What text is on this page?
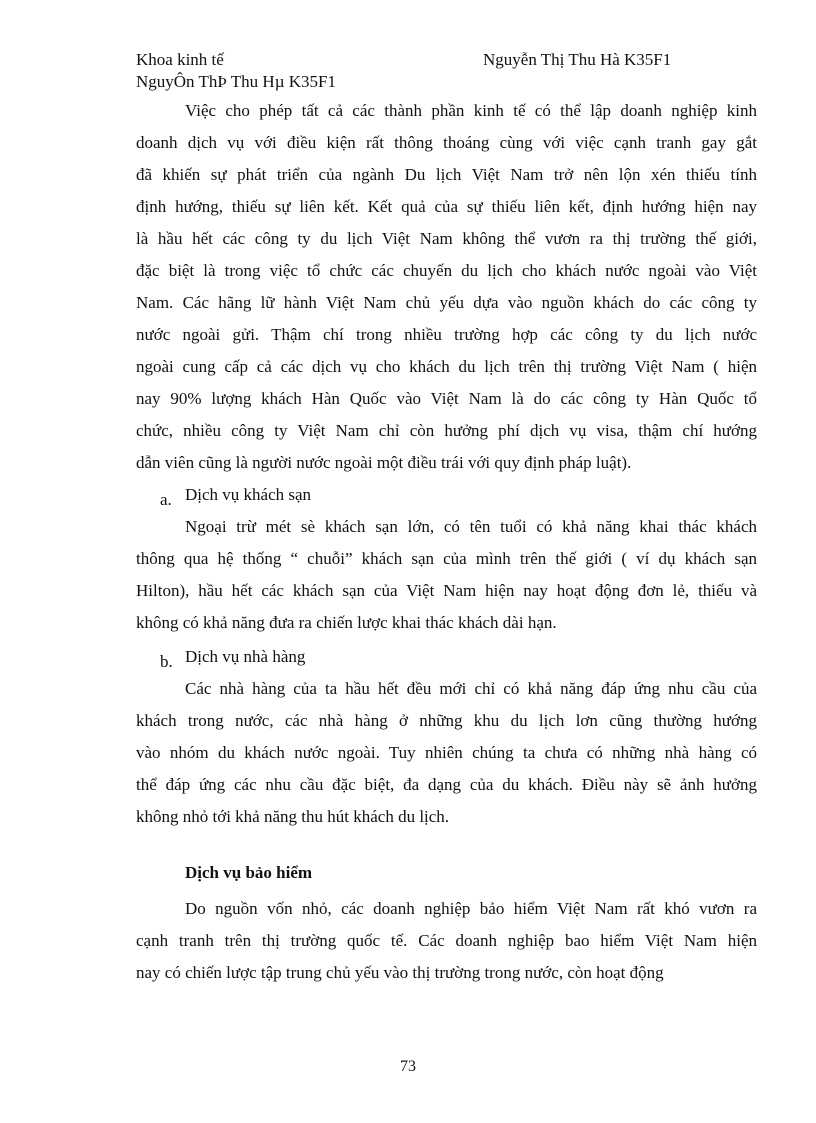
Khoa kinh tế	Nguyễn Thị Thu Hà K35F1
NguyÔn ThÞ Thu Hµ K35F1
Việc cho phép tất cả các thành phần kinh tế có thể lập doanh nghiệp kinh
doanh dịch vụ với điều kiện rất thông thoáng cùng với việc cạnh tranh gay gắt
đã khiến sự phát triển của ngành Du lịch Việt Nam trở nên lộn xén thiếu tính
định hướng, thiếu sự liên kết. Kết quả của sự thiếu liên kết, định hướng hiện nay
là hầu hết các công ty du lịch Việt Nam không thể vươn ra thị trường thế giới,
đặc biệt là trong việc tổ chức các chuyến du lịch cho khách nước ngoài vào Việt
Nam. Các hãng lữ hành Việt Nam chủ yếu dựa vào nguồn khách do các công ty
nước ngoài gửi. Thậm chí trong nhiều trường hợp các công ty du lịch nước
ngoài cung cấp cả các dịch vụ cho khách du lịch trên thị trường Việt Nam ( hiện
nay 90% lượng khách Hàn Quốc vào Việt Nam là do các công ty Hàn Quốc tổ
chức, nhiều công ty Việt Nam chỉ còn hưởng phí dịch vụ visa, thậm chí hướng
dẫn viên cũng là người nước ngoài một điều trái với quy định pháp luật).
a. Dịch vụ khách sạn
Ngoại trừ mét sè khách sạn lớn, có tên tuổi có khả năng khai thác khách
thông qua hệ thống “ chuỗi” khách sạn của mình trên thế giới ( ví dụ khách sạn
Hilton), hầu hết các khách sạn của Việt Nam hiện nay hoạt động đơn lẻ, thiếu và
không có khả năng đưa ra chiến lược khai thác khách dài hạn.
b. Dịch vụ nhà hàng
Các nhà hàng của ta hầu hết đều mới chỉ có khả năng đáp ứng nhu cầu của
khách trong nước, các nhà hàng ở những khu du lịch lơn cũng thường hướng
vào nhóm du khách nước ngoài. Tuy nhiên chúng ta chưa có những nhà hàng có
thể đáp ứng các nhu cầu đặc biệt, đa dạng của du khách. Điều này sẽ ảnh hưởng
không nhỏ tới khả năng thu hút khách du lịch.
Dịch vụ bảo hiểm
Do nguồn vốn nhỏ, các doanh nghiệp bảo hiểm Việt Nam rất khó vươn ra
cạnh tranh trên thị trường quốc tế. Các doanh nghiệp bao hiểm Việt Nam hiện
nay có chiến lược tập trung chủ yếu vào thị trường trong nước, còn hoạt động
73
